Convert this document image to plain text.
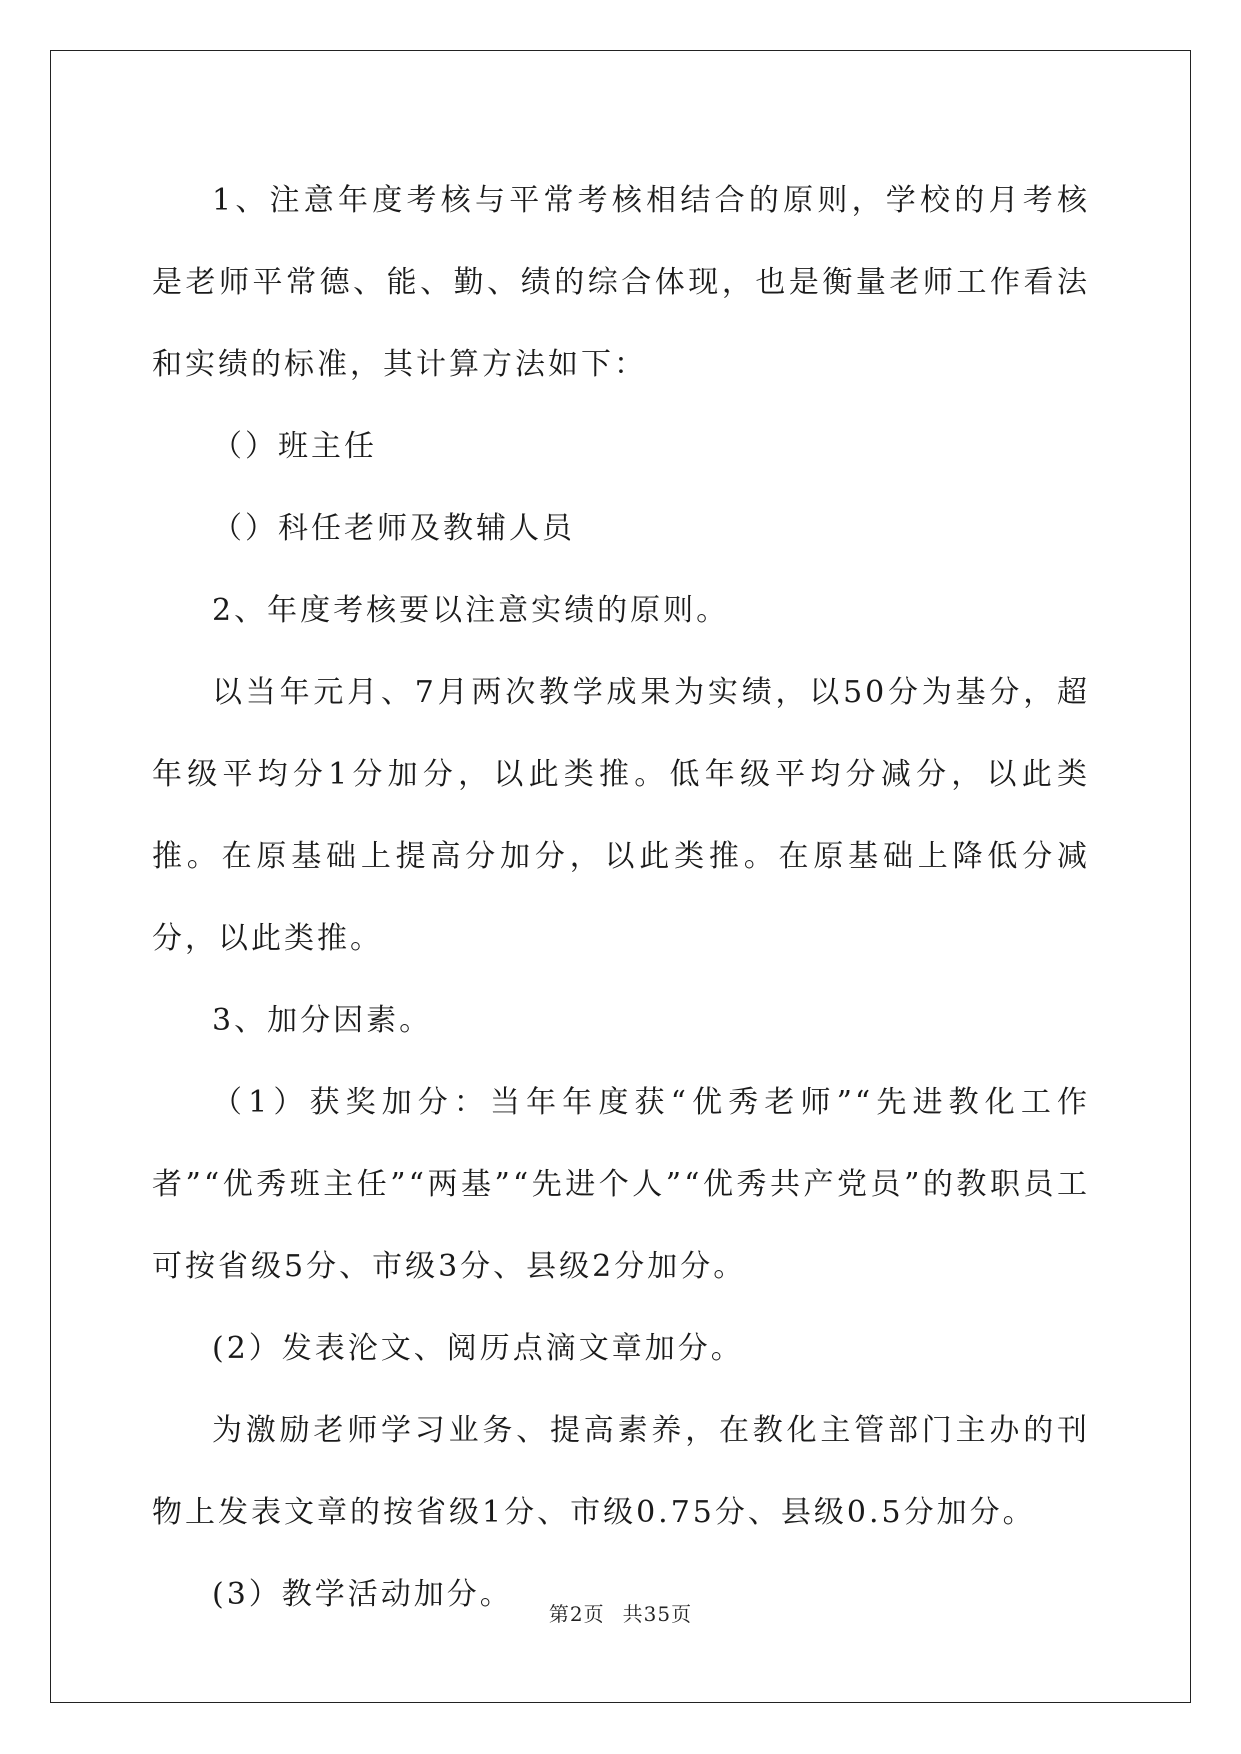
1、注意年度考核与平常考核相结合的原则，学校的月考核是老师平常德、能、勤、绩的综合体现，也是衡量老师工作看法和实绩的标准，其计算方法如下：

（）班主任

（）科任老师及教辅人员

2、年度考核要以注意实绩的原则。

以当年元月、7月两次教学成果为实绩，以50分为基分，超年级平均分1分加分，以此类推。低年级平均分减分，以此类推。在原基础上提高分加分，以此类推。在原基础上降低分减分，以此类推。

3、加分因素。

（1）获奖加分：当年年度获“优秀老师”“先进教化工作者”“优秀班主任”“两基”“先进个人”“优秀共产党员”的教职员工可按省级5分、市级3分、县级2分加分。

(2）发表沦文、阅历点滴文章加分。

为激励老师学习业务、提高素养，在教化主管部门主办的刊物上发表文章的按省级1分、市级0.75分、县级0.5分加分。

(3）教学活动加分。

第2页 共35页
